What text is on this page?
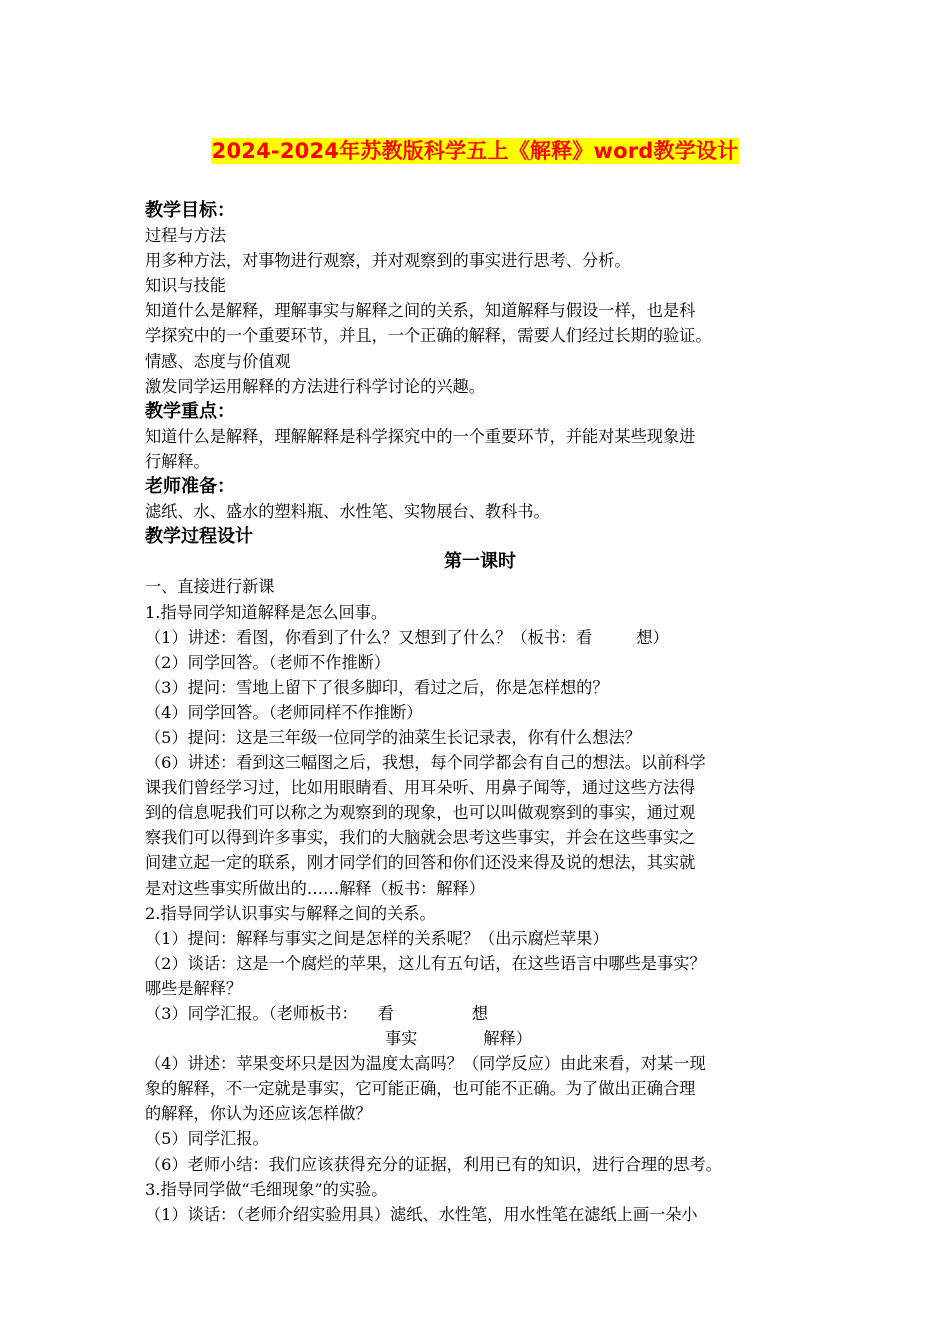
2024-2024年苏教版科学五上《解释》word教学设计
教学目标：
过程与方法
用多种方法，对事物进行观察，并对观察到的事实进行思考、分析。
知识与技能
知道什么是解释，理解事实与解释之间的关系，知道解释与假设一样，也是科
学探究中的一个重要环节，并且，一个正确的解释，需要人们经过长期的验证。
情感、态度与价值观
激发同学运用解释的方法进行科学讨论的兴趣。
教学重点：
知道什么是解释，理解解释是科学探究中的一个重要环节，并能对某些现象进
行解释。
老师准备：
滤纸、水、盛水的塑料瓶、水性笔、实物展台、教科书。
教学过程设计
第一课时
一、直接进行新课
1.指导同学知道解释是怎么回事。
（1）讲述：看图，你看到了什么？又想到了什么？（板书：看	想）
（2）同学回答。（老师不作推断）
（3）提问：雪地上留下了很多脚印，看过之后，你是怎样想的？
（4）同学回答。（老师同样不作推断）
（5）提问：这是三年级一位同学的油菜生长记录表，你有什么想法？
（6）讲述：看到这三幅图之后，我想，每个同学都会有自己的想法。以前科学
课我们曾经学习过，比如用眼睛看、用耳朵听、用鼻子闻等，通过这些方法得
到的信息呢我们可以称之为观察到的现象，也可以叫做观察到的事实，通过观
察我们可以得到许多事实，我们的大脑就会思考这些事实，并会在这些事实之
间建立起一定的联系，刚才同学们的回答和你们还没来得及说的想法，其实就
是对这些事实所做出的……解释（板书：解释）
2.指导同学认识事实与解释之间的关系。
（1）提问：解释与事实之间是怎样的关系呢？（出示腐烂苹果）
（2）谈话：这是一个腐烂的苹果，这儿有五句话，在这些语言中哪些是事实？
哪些是解释？
（3）同学汇报。（老师板书： 看	想
事实	解释）
（4）讲述：苹果变坏只是因为温度太高吗？（同学反应）由此来看，对某一现
象的解释，不一定就是事实，它可能正确，也可能不正确。为了做出正确合理
的解释，你认为还应该怎样做？
（5）同学汇报。
（6）老师小结：我们应该获得充分的证据，利用已有的知识，进行合理的思考。
3.指导同学做“毛细现象”的实验。
（1）谈话：（老师介绍实验用具）滤纸、水性笔，用水性笔在滤纸上画一朵小
